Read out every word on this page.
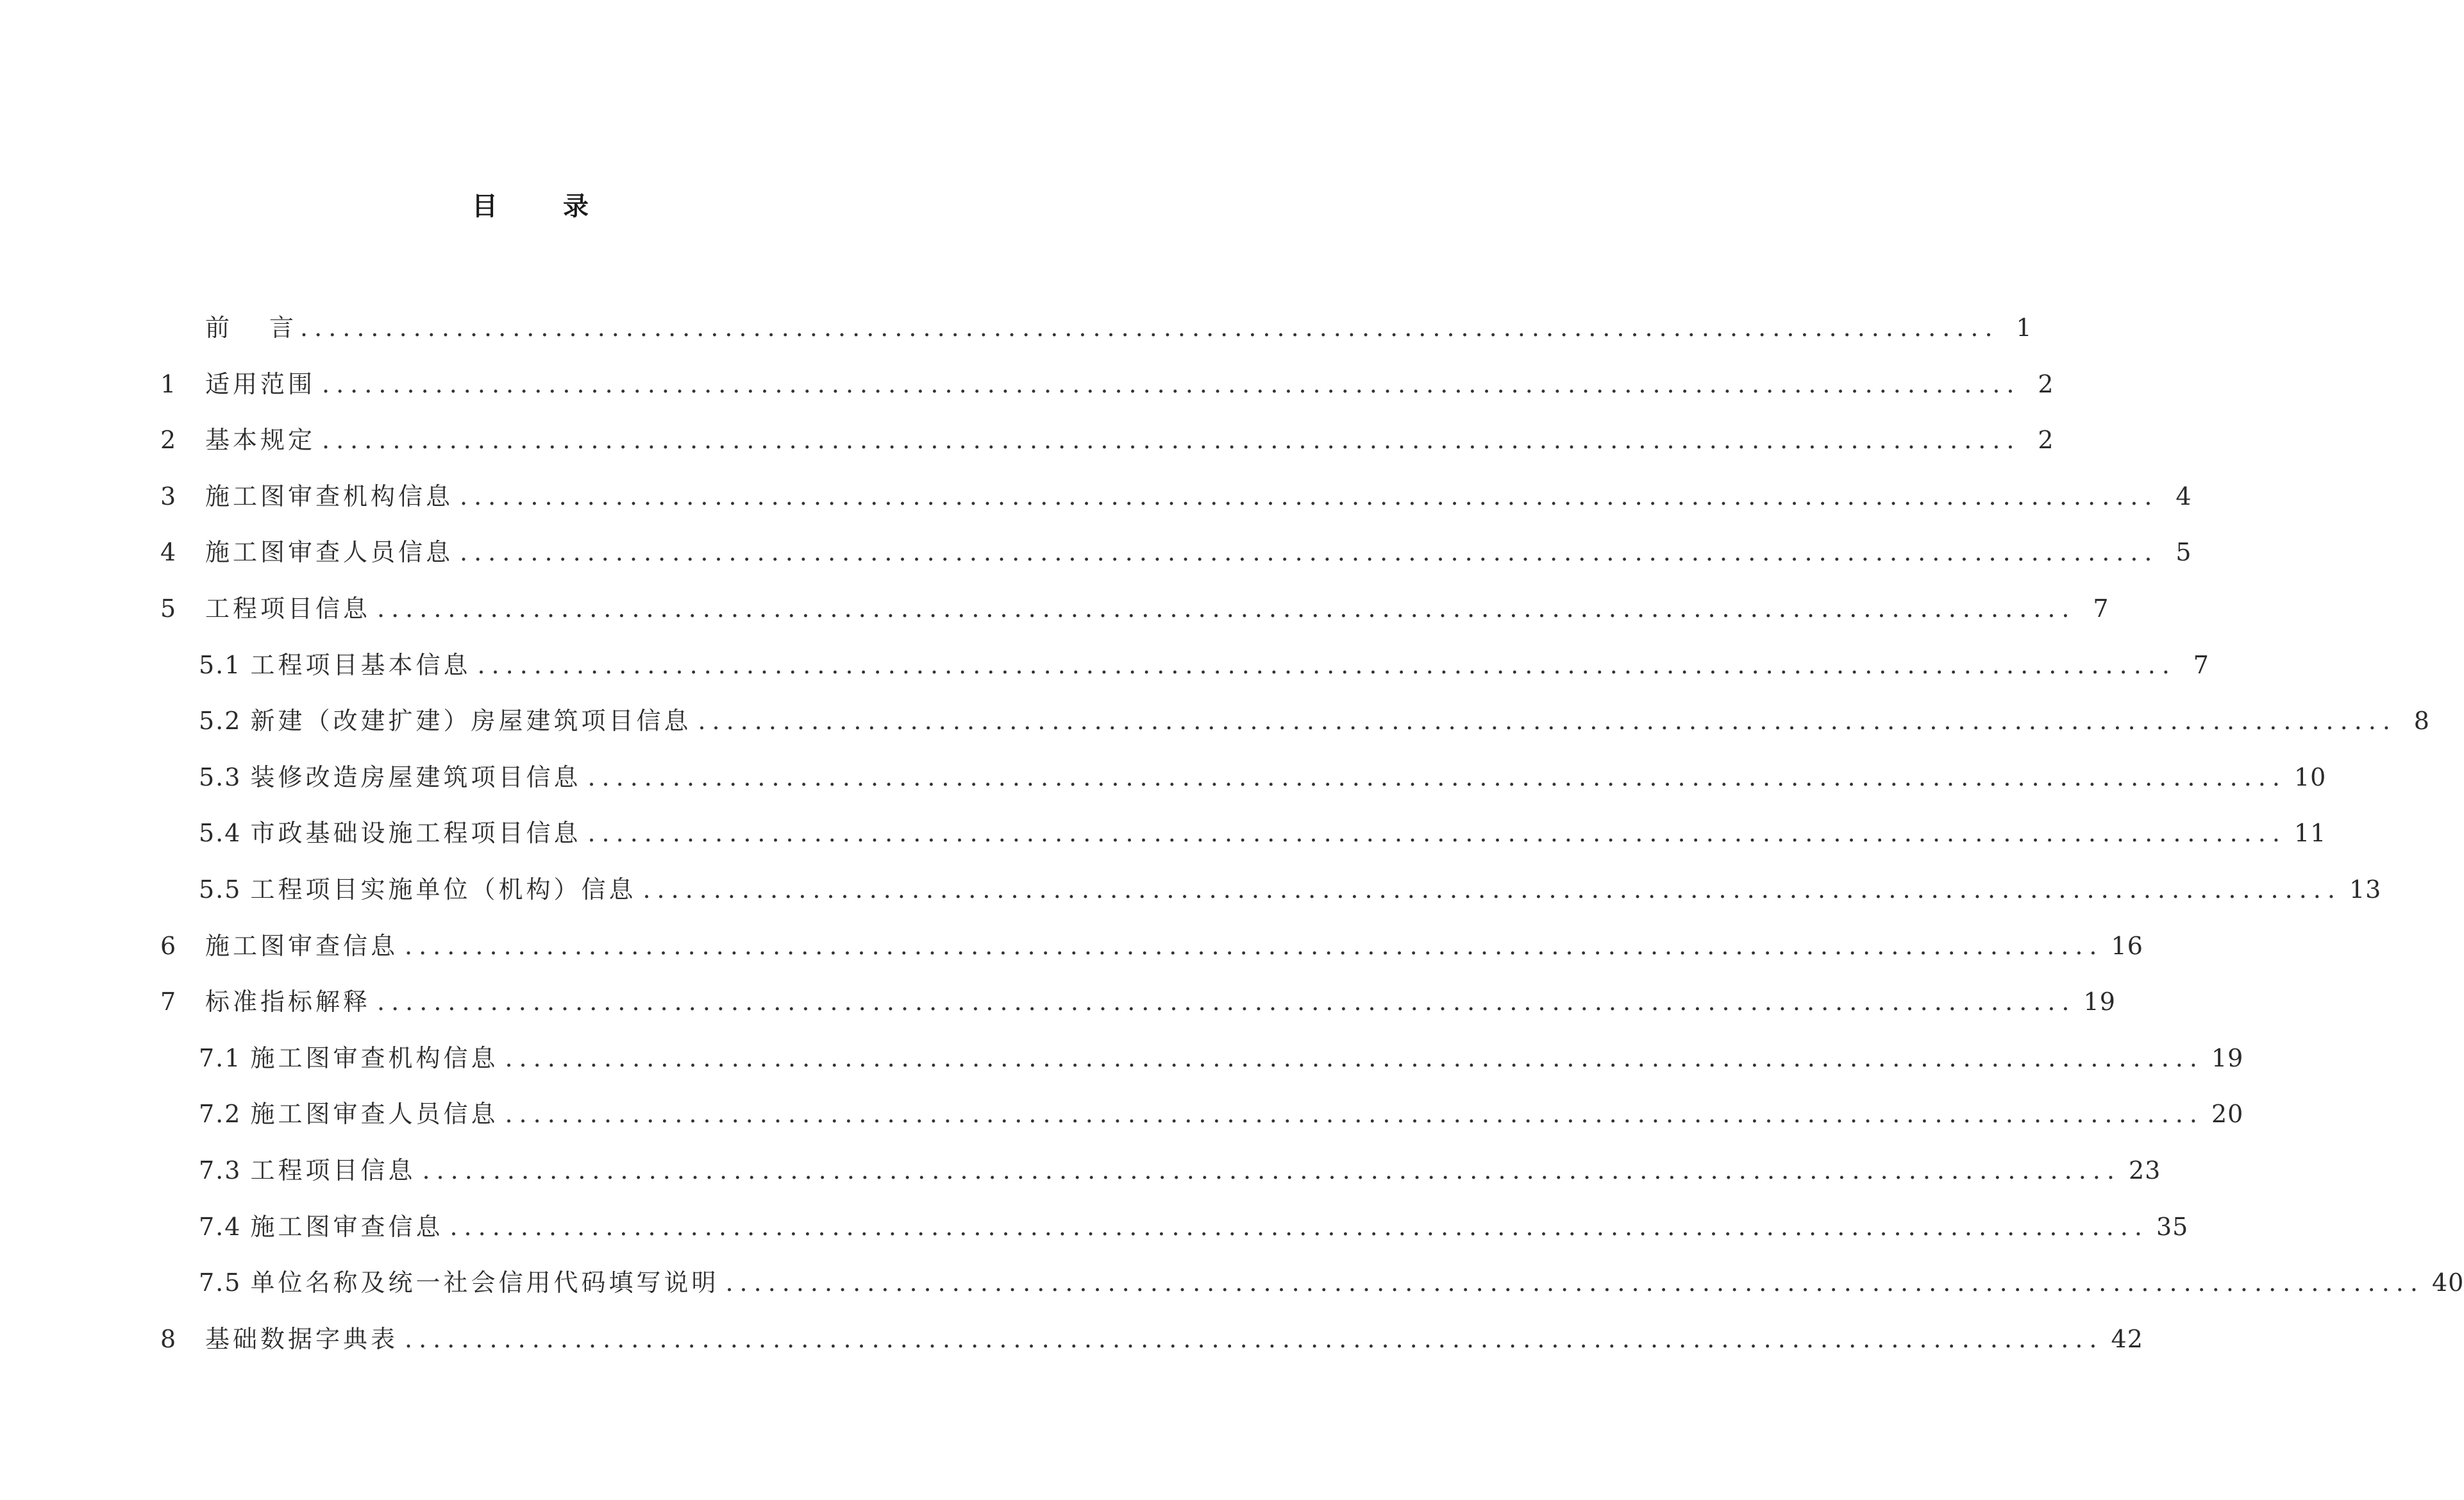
目 录
前 言 ........................................................................................................................ 1
1	适用范围 ........................................................................................................................ 2
2	基本规定 ........................................................................................................................ 2
3	施工图审查机构信息 ........................................................................................................................ 4
4	施工图审查人员信息 ........................................................................................................................ 5
5	工程项目信息 ........................................................................................................................ 7
5.1 工程项目基本信息 ........................................................................................................................ 7
5.2 新建（改建扩建）房屋建筑项目信息 ........................................................................................................................ 8
5.3 装修改造房屋建筑项目信息 ........................................................................................................................ 10
5.4 市政基础设施工程项目信息 ........................................................................................................................ 11
5.5 工程项目实施单位（机构）信息 ........................................................................................................................ 13
6	施工图审查信息 ........................................................................................................................ 16
7	标准指标解释 ........................................................................................................................ 19
7.1 施工图审查机构信息 ........................................................................................................................ 19
7.2 施工图审查人员信息 ........................................................................................................................ 20
7.3 工程项目信息 ........................................................................................................................ 23
7.4 施工图审查信息 ........................................................................................................................ 35
7.5 单位名称及统一社会信用代码填写说明 ........................................................................................................................ 40
8	基础数据字典表 ........................................................................................................................ 42
